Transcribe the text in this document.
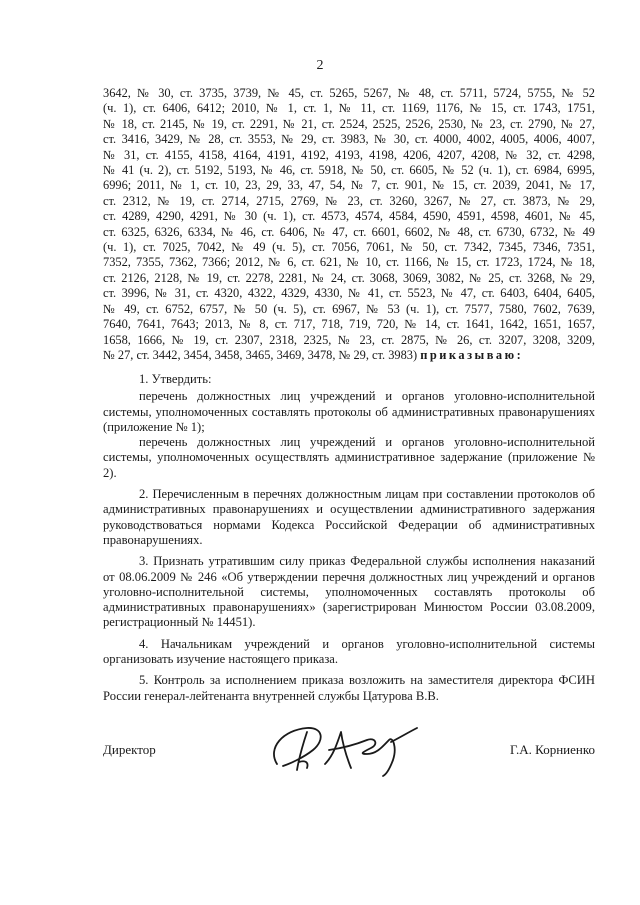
2
3642, № 30, ст. 3735, 3739, № 45, ст. 5265, 5267, № 48, ст. 5711, 5724, 5755, № 52
(ч. 1), ст. 6406, 6412; 2010, № 1, ст. 1, № 11, ст. 1169, 1176, № 15, ст. 1743, 1751,
№ 18, ст. 2145, № 19, ст. 2291, № 21, ст. 2524, 2525, 2526, 2530, № 23, ст. 2790, № 27,
ст. 3416, 3429, № 28, ст. 3553, № 29, ст. 3983, № 30, ст. 4000, 4002, 4005, 4006, 4007,
№ 31, ст. 4155, 4158, 4164, 4191, 4192, 4193, 4198, 4206, 4207, 4208, № 32, ст. 4298,
№ 41 (ч. 2), ст. 5192, 5193, № 46, ст. 5918, № 50, ст. 6605, № 52 (ч. 1), ст. 6984, 6995,
6996; 2011, № 1, ст. 10, 23, 29, 33, 47, 54, № 7, ст. 901, № 15, ст. 2039, 2041, № 17,
ст. 2312, № 19, ст. 2714, 2715, 2769, № 23, ст. 3260, 3267, № 27, ст. 3873, № 29,
ст. 4289, 4290, 4291, № 30 (ч. 1), ст. 4573, 4574, 4584, 4590, 4591, 4598, 4601, № 45,
ст. 6325, 6326, 6334, № 46, ст. 6406, № 47, ст. 6601, 6602, № 48, ст. 6730, 6732, № 49
(ч. 1), ст. 7025, 7042, № 49 (ч. 5), ст. 7056, 7061, № 50, ст. 7342, 7345, 7346, 7351,
7352, 7355, 7362, 7366; 2012, № 6, ст. 621, № 10, ст. 1166, № 15, ст. 1723, 1724, № 18,
ст. 2126, 2128, № 19, ст. 2278, 2281, № 24, ст. 3068, 3069, 3082, № 25, ст. 3268, № 29,
ст. 3996, № 31, ст. 4320, 4322, 4329, 4330, № 41, ст. 5523, № 47, ст. 6403, 6404, 6405,
№ 49, ст. 6752, 6757, № 50 (ч. 5), ст. 6967, № 53 (ч. 1), ст. 7577, 7580, 7602, 7639,
7640, 7641, 7643; 2013, № 8, ст. 717, 718, 719, 720, № 14, ст. 1641, 1642, 1651, 1657,
1658, 1666, № 19, ст. 2307, 2318, 2325, № 23, ст. 2875, № 26, ст. 3207, 3208, 3209,
№ 27, ст. 3442, 3454, 3458, 3465, 3469, 3478, № 29, ст. 3983) приказываю:

1. Утвердить:

перечень должностных лиц учреждений и органов уголовно-исполнительной системы, уполномоченных составлять протоколы об административных правонарушениях (приложение № 1);

перечень должностных лиц учреждений и органов уголовно-исполнительной системы, уполномоченных осуществлять административное задержание (приложение № 2).

2. Перечисленным в перечнях должностным лицам при составлении протоколов об административных правонарушениях и осуществлении административного задержания руководствоваться нормами Кодекса Российской Федерации об административных правонарушениях.

3. Признать утратившим силу приказ Федеральной службы исполнения наказаний от 08.06.2009 № 246 «Об утверждении перечня должностных лиц учреждений и органов уголовно-исполнительной системы, уполномоченных составлять протоколы об административных правонарушениях» (зарегистрирован Минюстом России 03.08.2009, регистрационный № 14451).

4. Начальникам учреждений и органов уголовно-исполнительной системы организовать изучение настоящего приказа.

5. Контроль за исполнением приказа возложить на заместителя директора ФСИН России генерал-лейтенанта внутренней службы Цатурова В.В.

Директор	Г.А. Корниенко
